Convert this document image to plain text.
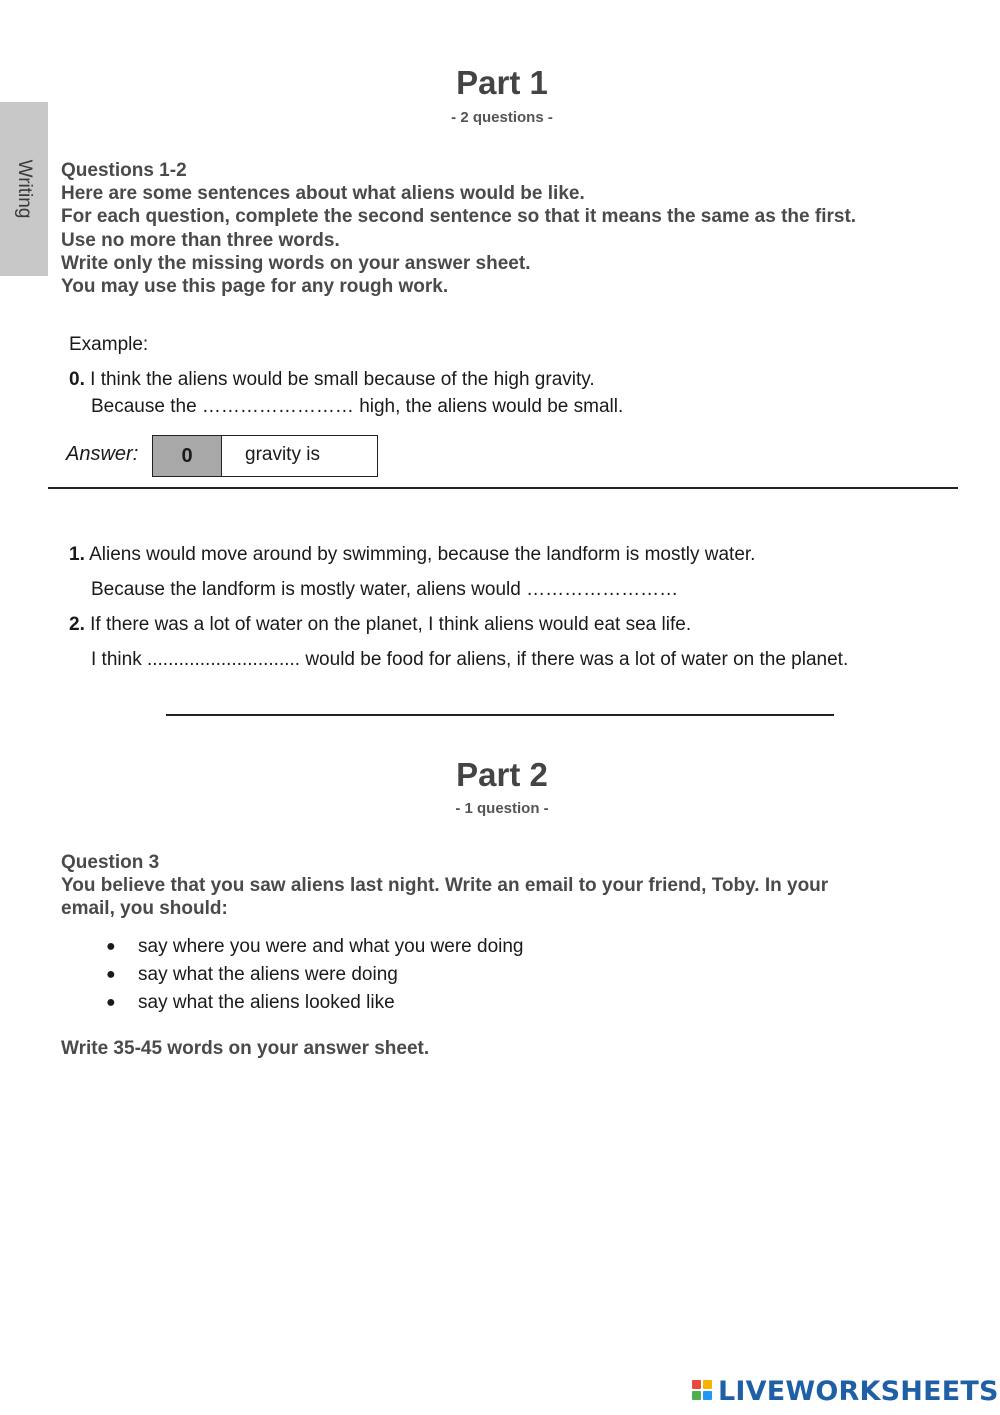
Writing
Part 1
- 2 questions -
Questions 1-2
Here are some sentences about what aliens would be like.
For each question, complete the second sentence so that it means the same as the first.
Use no more than three words.
Write only the missing words on your answer sheet.
You may use this page for any rough work.
Example:
0. I think the aliens would be small because of the high gravity.
Because the …………………… high, the aliens would be small.
Answer:	0	gravity is
1. Aliens would move around by swimming, because the landform is mostly water.
Because the landform is mostly water, aliens would ……………………
2. If there was a lot of water on the planet, I think aliens would eat sea life.
I think ............................. would be food for aliens, if there was a lot of water on the planet.
Part 2
- 1 question -
Question 3
You believe that you saw aliens last night. Write an email to your friend, Toby. In your
email, you should:
●	say where you were and what you were doing
●	say what the aliens were doing
●	say what the aliens looked like
Write 35-45 words on your answer sheet.
LIVEWORKSHEETS
